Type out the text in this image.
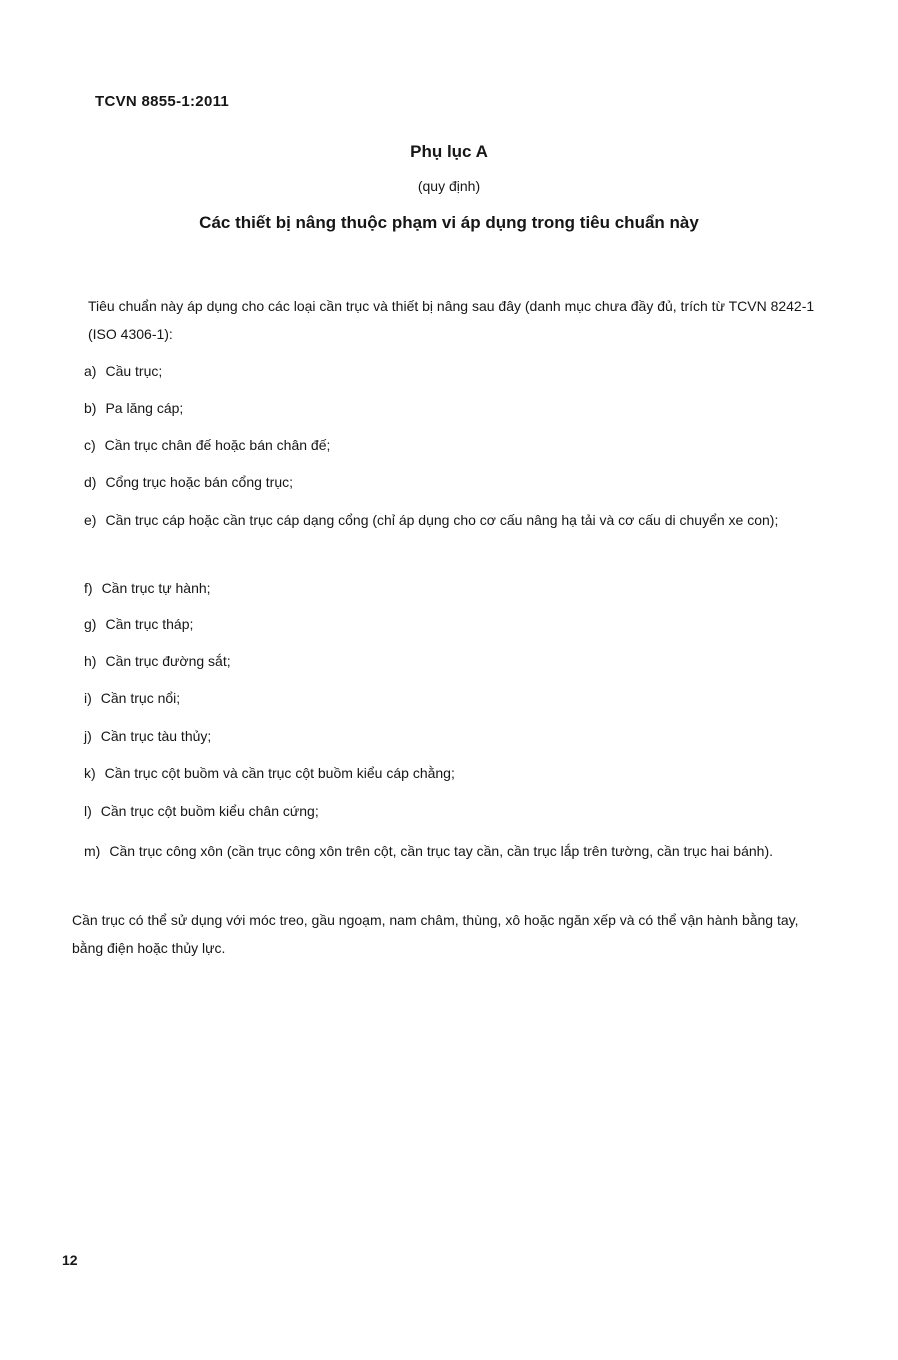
TCVN 8855-1:2011
Phụ lục A
(quy định)
Các thiết bị nâng thuộc phạm vi áp dụng trong tiêu chuẩn này
Tiêu chuẩn này áp dụng cho các loại cần trục và thiết bị nâng sau đây (danh mục chưa đầy đủ, trích từ TCVN 8242-1 (ISO 4306-1):
a) Cầu trục;
b) Pa lăng cáp;
c) Cần trục chân đế hoặc bán chân đế;
d) Cổng trục hoặc bán cổng trục;
e) Cần trục cáp hoặc cần trục cáp dạng cổng (chỉ áp dụng cho cơ cấu nâng hạ tải và cơ cấu di chuyển xe con);
f) Cần trục tự hành;
g) Cần trục tháp;
h) Cần trục đường sắt;
i) Cần trục nổi;
j) Cần trục tàu thủy;
k) Cần trục cột buồm và cần trục cột buồm kiểu cáp chằng;
l) Cần trục cột buồm kiểu chân cứng;
m) Cần trục công xôn (cần trục công xôn trên cột, cần trục tay cần, cần trục lắp trên tường, cần trục hai bánh).
Cần trục có thể sử dụng với móc treo, gầu ngoạm, nam châm, thùng, xô hoặc ngăn xếp và có thể vận hành bằng tay, bằng điện hoặc thủy lực.
12
